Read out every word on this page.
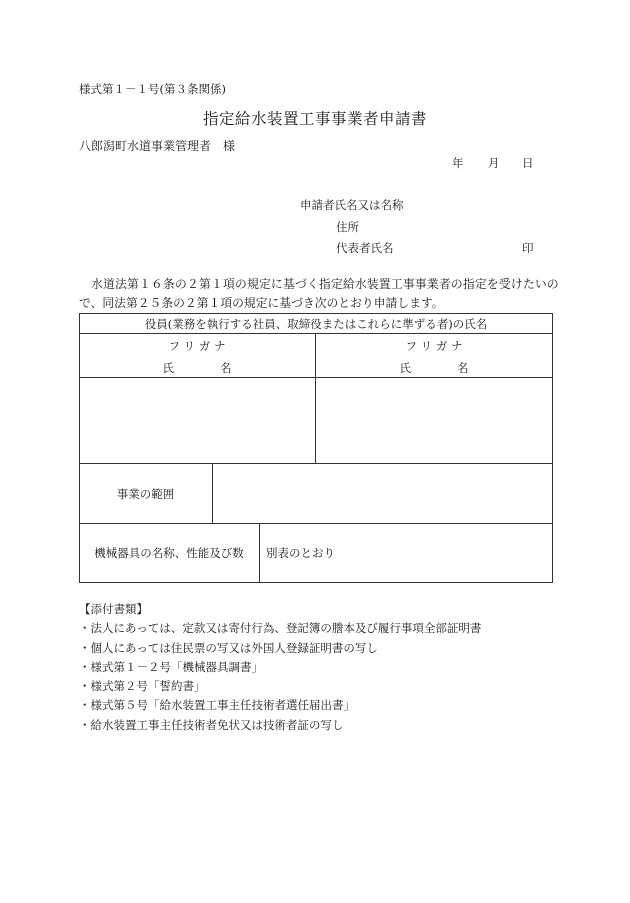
様式第１－１号(第３条関係)
指定給水装置工事事業者申請書
八郎潟町水道事業管理者　様
年 月 日
申請者氏名又は名称
住所
代表者氏名	印
水道法第１６条の２第１項の規定に基づく指定給水装置工事事業者の指定を受けたいの
で、同法第２５条の２第１項の規定に基づき次のとおり申請します。
役員(業務を執行する社員、取締役またはこれらに準ずる者)の氏名
フ リ ガ ナ
氏　　　　名
フ リ ガ ナ
氏　　　　名
事業の範囲
機械器具の名称、性能及び数	別表のとおり
【添付書類】
・法人にあっては、定款又は寄付行為、登記簿の謄本及び履行事項全部証明書
・個人にあっては住民票の写又は外国人登録証明書の写し
・様式第１－２号「機械器具調書」
・様式第２号「誓約書」
・様式第５号「給水装置工事主任技術者選任届出書」
・給水装置工事主任技術者免状又は技術者証の写し
